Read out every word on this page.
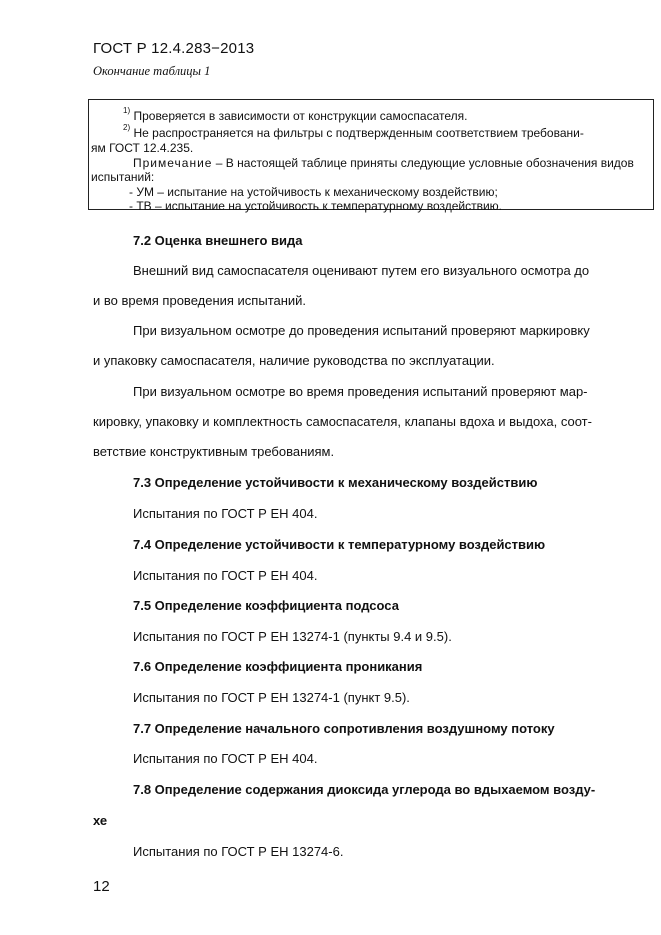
ГОСТ Р 12.4.283−2013
Окончание таблицы 1
$^{1)}$ Проверяется в зависимости от конструкции самоспасателя.
$^{2)}$ Не распространяется на фильтры с подтвержденным соответствием требовани-
ям ГОСТ 12.4.235.
Примечание – В настоящей таблице приняты следующие условные обозначения видов
испытаний:
- УМ – испытание на устойчивость к механическому воздействию;
- ТВ – испытание на устойчивость к температурному воздействию.
7.2 Оценка внешнего вида
Внешний вид самоспасателя оценивают путем его визуального осмотра до
и во время проведения испытаний.
При визуальном осмотре до проведения испытаний проверяют маркировку
и упаковку самоспасателя, наличие руководства по эксплуатации.
При визуальном осмотре во время проведения испытаний проверяют мар-
кировку, упаковку и комплектность самоспасателя, клапаны вдоха и выдоха, соот-
ветствие конструктивным требованиям.
7.3 Определение устойчивости к механическому воздействию
Испытания по ГОСТ Р ЕН 404.
7.4 Определение устойчивости к температурному воздействию
Испытания по ГОСТ Р ЕН 404.
7.5 Определение коэффициента подсоса
Испытания по ГОСТ Р ЕН 13274-1 (пункты 9.4 и 9.5).
7.6 Определение коэффициента проникания
Испытания по ГОСТ Р ЕН 13274-1 (пункт 9.5).
7.7 Определение начального сопротивления воздушному потоку
Испытания по ГОСТ Р ЕН 404.
7.8 Определение содержания диоксида углерода во вдыхаемом возду-
хе
Испытания по ГОСТ Р ЕН 13274-6.
12
